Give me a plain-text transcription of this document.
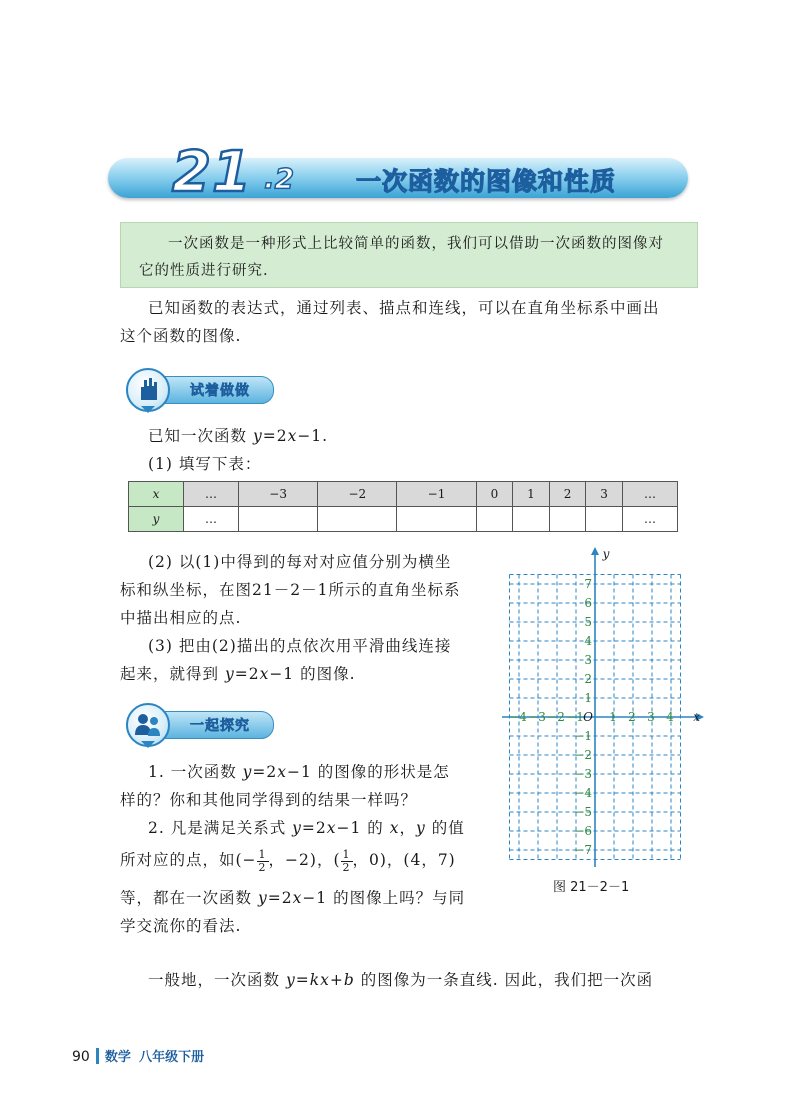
21 .2 一次函数的图像和性质
一次函数是一种形式上比较简单的函数，我们可以借助一次函数的图像对它的性质进行研究.
已知函数的表达式，通过列表、描点和连线，可以在直角坐标系中画出
这个函数的图像.
试着做做
已知一次函数 y=2x−1.
(1) 填写下表：
x	…	−3	−2	−1	0	1	2	3	…
y	…								…
(2) 以(1)中得到的每对对应值分别为横坐
标和纵坐标，在图21－2－1所示的直角坐标系
中描出相应的点.
(3) 把由(2)描出的点依次用平滑曲线连接
起来，就得到 y=2x−1 的图像.
一起探究
1. 一次函数 y=2x−1 的图像的形状是怎
样的？你和其他同学得到的结果一样吗？
2. 凡是满足关系式 y=2x−1 的 x，y 的值
所对应的点，如(− $\frac{1}{2}$ ，−2)，( $\frac{1}{2}$ ，0)，(4，7)
等，都在一次函数 y=2x−1 的图像上吗？与同
学交流你的看法.
y
x
O
−4 −3 −2 −1 1 2 3 4
7
6
5
4
3
2
1
−1
−2
−3
−4
−5
−6
−7
图 21－2－1
一般地，一次函数 y=kx+b 的图像为一条直线. 因此，我们把一次函
90 数学 八年级下册
